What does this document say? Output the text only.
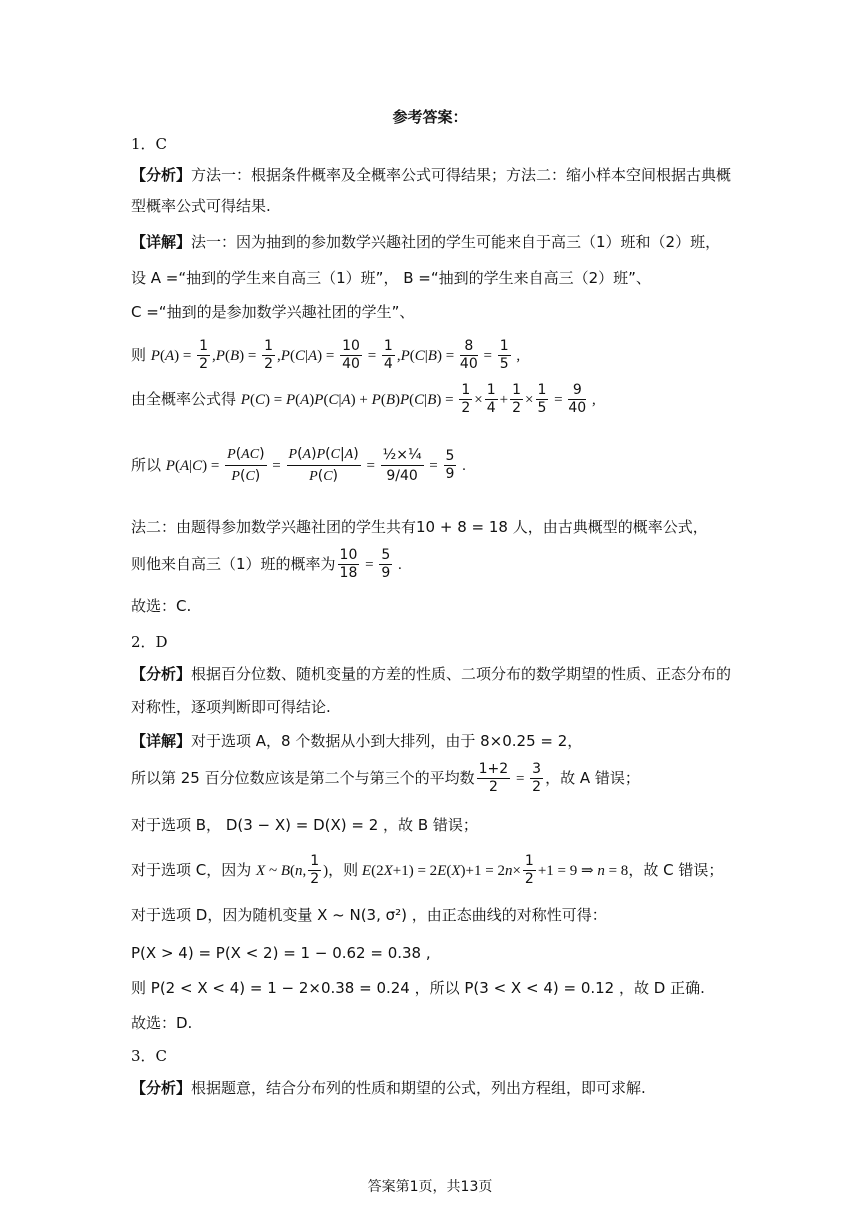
参考答案：
1．C
【分析】方法一：根据条件概率及全概率公式可得结果；方法二：缩小样本空间根据古典概
型概率公式可得结果.
【详解】法一：因为抽到的参加数学兴趣社团的学生可能来自于高三（1）班和（2）班，
设 A =“抽到的学生来自高三（1）班”， B =“抽到的学生来自高三（2）班”、
C =“抽到的是参加数学兴趣社团的学生”、
则 $P(A) = \frac{1}{2} ,P(B) = \frac{1}{2} ,P(C|A) = \frac{10}{40} = \frac{1}{4} ,P(C|B) = \frac{8}{40} = \frac{1}{5}$ ,
由全概率公式得 $P(C) = P(A)P(C|A) + P(B)P(C|B) = \frac{1}{2} \times \frac{1}{4} + \frac{1}{2} \times \frac{1}{5} = \frac{9}{40}$ ,
所以 $P(A|C) = \frac{P(AC)}{P(C)} = \frac{P(A)P(C|A)}{P(C)} = \frac{\text{½×¼}}{9/40} = \frac{5}{9}$ .
法二：由题得参加数学兴趣社团的学生共有10 + 8 = 18 人，由古典概型的概率公式，
则他来自高三（1）班的概率为 $\frac{10}{18} = \frac{5}{9}$ .
故选：C.
2．D
【分析】根据百分位数、随机变量的方差的性质、二项分布的数学期望的性质、正态分布的
对称性，逐项判断即可得结论.
【详解】对于选项 A，8 个数据从小到大排列，由于 8×0.25 = 2，
所以第 25 百分位数应该是第二个与第三个的平均数 $\frac{1+2}{2} = \frac{3}{2}$ ，故 A 错误；
对于选项 B， D(3 − X) = D(X) = 2 ，故 B 错误；
对于选项 C，因为 X ~ B(n, $\frac{1}{2}$ )，则 $E(2X+1) = 2E(X)+1 = 2n\times \frac{1}{2} +1 = 9$ ⇒ n = 8，故 C 错误；
对于选项 D，因为随机变量 X ~ N(3, σ²) ，由正态曲线的对称性可得：
P(X > 4) = P(X < 2) = 1 − 0.62 = 0.38 ,
则 P(2 < X < 4) = 1 − 2×0.38 = 0.24 ，所以 P(3 < X < 4) = 0.12 ，故 D 正确.
故选：D.
3．C
【分析】根据题意，结合分布列的性质和期望的公式，列出方程组，即可求解.
答案第1页，共13页
